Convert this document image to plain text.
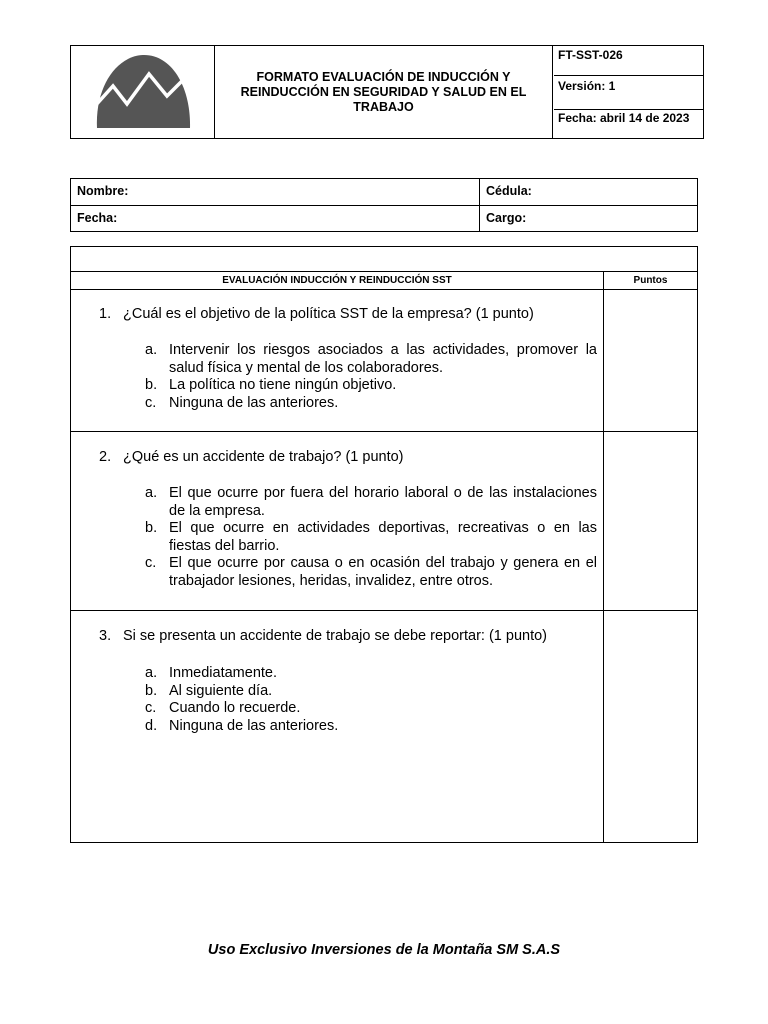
FORMATO EVALUACIÓN DE INDUCCIÓN Y REINDUCCIÓN EN SEGURIDAD Y SALUD EN EL TRABAJO
FT-SST-026
Versión: 1
Fecha: abril 14 de 2023
Nombre:	Cédula:
Fecha:	Cargo:
EVALUACIÓN INDUCCIÓN Y REINDUCCIÓN SST	Puntos
1. ¿Cuál es el objetivo de la política SST de la empresa? (1 punto)
a. Intervenir los riesgos asociados a las actividades, promover la salud física y mental de los colaboradores.
b. La política no tiene ningún objetivo.
c. Ninguna de las anteriores.
2. ¿Qué es un accidente de trabajo? (1 punto)
a. El que ocurre por fuera del horario laboral o de las instalaciones de la empresa.
b. El que ocurre en actividades deportivas, recreativas o en las fiestas del barrio.
c. El que ocurre por causa o en ocasión del trabajo y genera en el trabajador lesiones, heridas, invalidez, entre otros.
3. Si se presenta un accidente de trabajo se debe reportar: (1 punto)
a. Inmediatamente.
b. Al siguiente día.
c. Cuando lo recuerde.
d. Ninguna de las anteriores.
Uso Exclusivo Inversiones de la Montaña SM S.A.S
